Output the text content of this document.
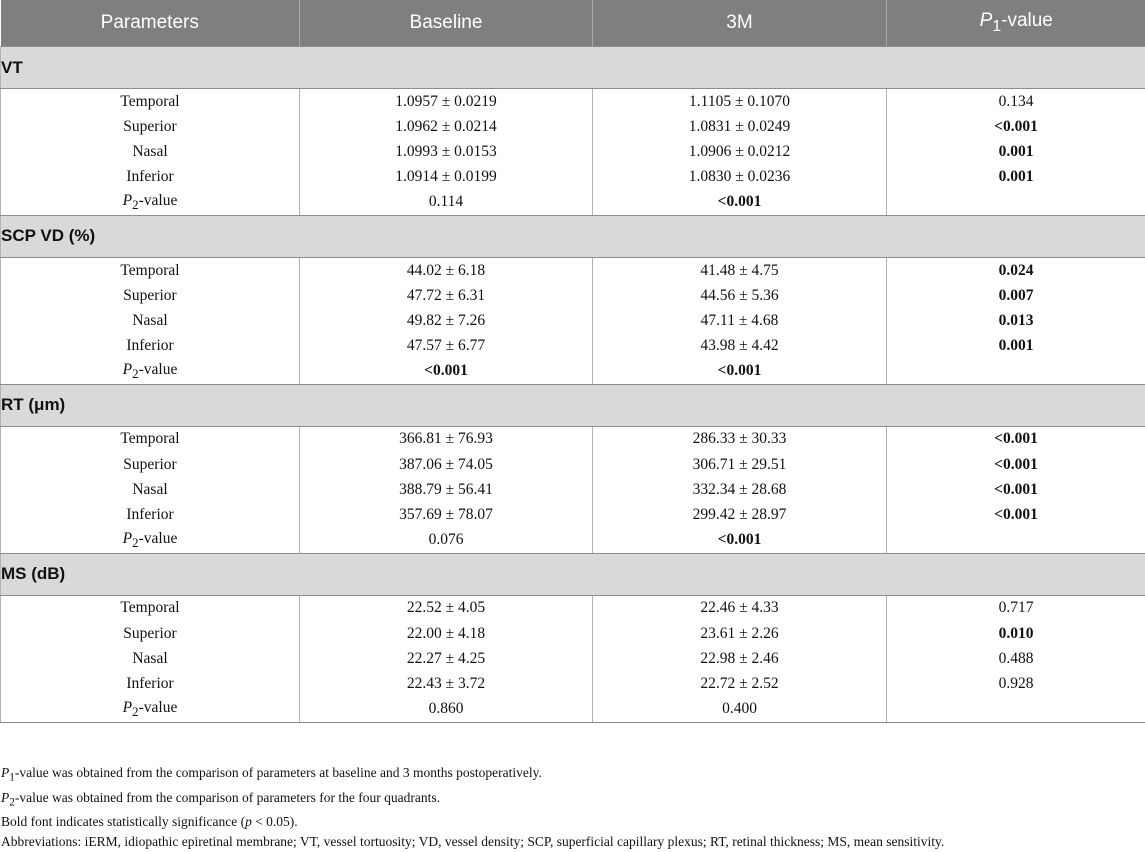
Parameters	Baseline	3M	$P_1$-value
VT			
Temporal	1.0957 ± 0.0219	1.1105 ± 0.1070	0.134
Superior	1.0962 ± 0.0214	1.0831 ± 0.0249	<0.001
Nasal	1.0993 ± 0.0153	1.0906 ± 0.0212	0.001
Inferior	1.0914 ± 0.0199	1.0830 ± 0.0236	0.001
$P_2$-value	0.114	<0.001	
SCP VD (%)			
Temporal	44.02 ± 6.18	41.48 ± 4.75	0.024
Superior	47.72 ± 6.31	44.56 ± 5.36	0.007
Nasal	49.82 ± 7.26	47.11 ± 4.68	0.013
Inferior	47.57 ± 6.77	43.98 ± 4.42	0.001
$P_2$-value	<0.001	<0.001	
RT (μm)			
Temporal	366.81 ± 76.93	286.33 ± 30.33	<0.001
Superior	387.06 ± 74.05	306.71 ± 29.51	<0.001
Nasal	388.79 ± 56.41	332.34 ± 28.68	<0.001
Inferior	357.69 ± 78.07	299.42 ± 28.97	<0.001
$P_2$-value	0.076	<0.001	
MS (dB)			
Temporal	22.52 ± 4.05	22.46 ± 4.33	0.717
Superior	22.00 ± 4.18	23.61 ± 2.26	0.010
Nasal	22.27 ± 4.25	22.98 ± 2.46	0.488
Inferior	22.43 ± 3.72	22.72 ± 2.52	0.928
$P_2$-value	0.860	0.400	
$P_1$-value was obtained from the comparison of parameters at baseline and 3 months postoperatively.
$P_2$-value was obtained from the comparison of parameters for the four quadrants.
Bold font indicates statistically significance (p < 0.05).
Abbreviations: iERM, idiopathic epiretinal membrane; VT, vessel tortuosity; VD, vessel density; SCP, superficial capillary plexus; RT, retinal thickness; MS, mean sensitivity.
